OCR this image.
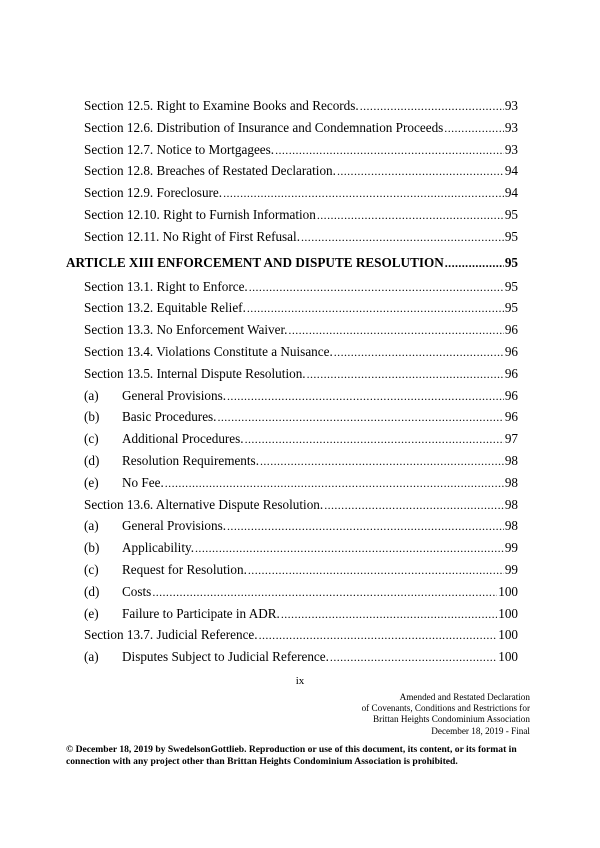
Section 12.5. Right to Examine Books and Records. .....	93
Section 12.6. Distribution of Insurance and Condemnation Proceeds .....	93
Section 12.7. Notice to Mortgagees. .....	93
Section 12.8. Breaches of Restated Declaration. .....	94
Section 12.9. Foreclosure. .....	94
Section 12.10. Right to Furnish Information .....	95
Section 12.11. No Right of First Refusal. .....	95
ARTICLE XIII ENFORCEMENT AND DISPUTE RESOLUTION .....	95
Section 13.1. Right to Enforce. .....	95
Section 13.2. Equitable Relief. .....	95
Section 13.3. No Enforcement Waiver. .....	96
Section 13.4. Violations Constitute a Nuisance. .....	96
Section 13.5. Internal Dispute Resolution. .....	96
(a) General Provisions. .....	96
(b) Basic Procedures. .....	96
(c) Additional Procedures. .....	97
(d) Resolution Requirements. .....	98
(e) No Fee. .....	98
Section 13.6. Alternative Dispute Resolution. .....	98
(a) General Provisions. .....	98
(b) Applicability. .....	99
(c) Request for Resolution. .....	99
(d) Costs .....	100
(e) Failure to Participate in ADR. .....	100
Section 13.7. Judicial Reference. .....	100
(a) Disputes Subject to Judicial Reference. .....	100
ix
Amended and Restated Declaration
of Covenants, Conditions and Restrictions for
Brittan Heights Condominium Association
December 18, 2019 - Final
© December 18, 2019 by SwedelsonGottlieb. Reproduction or use of this document, its content, or its format in connection with any project other than Brittan Heights Condominium Association is prohibited.
